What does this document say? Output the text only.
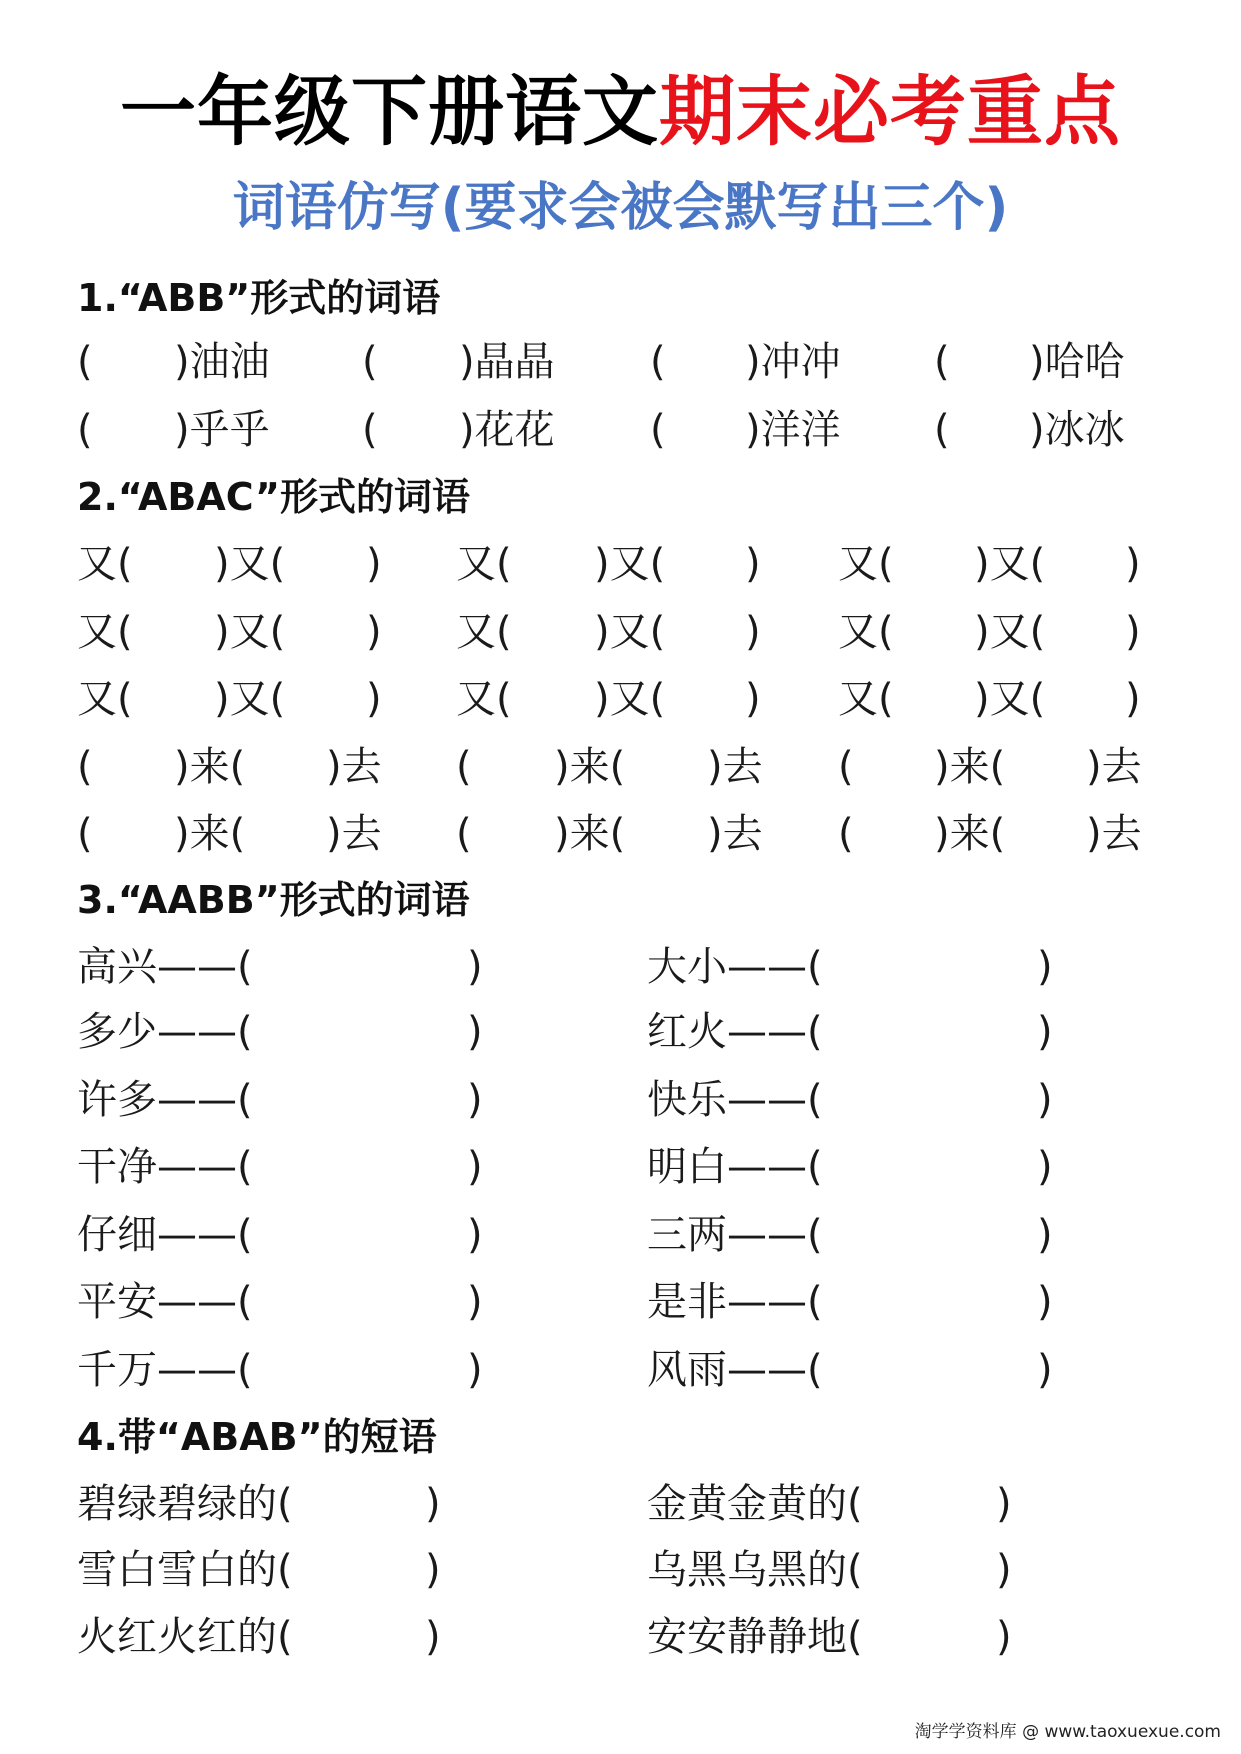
一年级下册语文期末必考重点
词语仿写(要求会被会默写出三个)
1.“ABB”形式的词语
( )油油 ( )晶晶 ( )冲冲 ( )哈哈
( )乎乎 ( )花花 ( )洋洋 ( )冰冰
2.“ABAC”形式的词语
又( )又( ) 又( )又( ) 又( )又( )
又( )又( ) 又( )又( ) 又( )又( )
又( )又( ) 又( )又( ) 又( )又( )
( )来( )去 ( )来( )去 ( )来( )去
( )来( )去 ( )来( )去 ( )来( )去
3.“AABB”形式的词语
高兴——(	)	大小——(	)
多少——(	)	红火——(	)
许多——(	)	快乐——(	)
干净——(	)	明白——(	)
仔细——(	)	三两——(	)
平安——(	)	是非——(	)
千万——(	)	风雨——(	)
4.带“ABAB”的短语
碧绿碧绿的(	)	金黄金黄的(	)
雪白雪白的(	)	乌黑乌黑的(	)
火红火红的(	)	安安静静地(	)
淘学学资料库 @ www.taoxuexue.com
